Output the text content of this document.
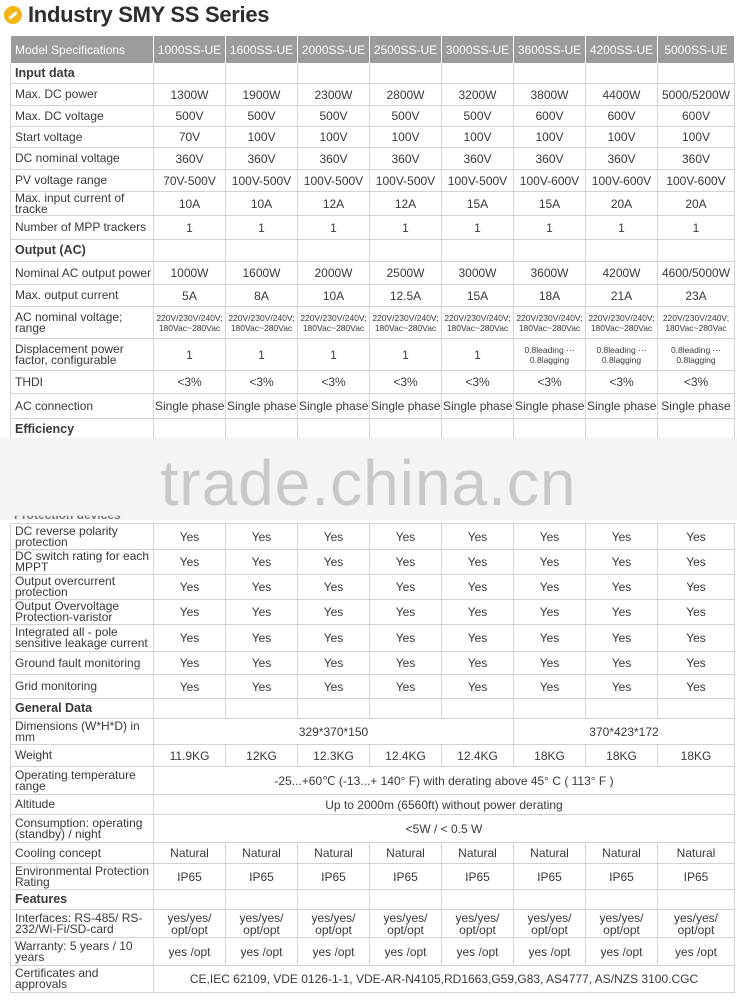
Industry SMY SS Series
Model Specifications	1000SS-UE	1600SS-UE	2000SS-UE	2500SS-UE	3000SS-UE	3600SS-UE	4200SS-UE	5000SS-UE
Input data								
Max. DC power	1300W	1900W	2300W	2800W	3200W	3800W	4400W	5000/5200W
Max. DC voltage	500V	500V	500V	500V	500V	600V	600V	600V
Start voltage	70V	100V	100V	100V	100V	100V	100V	100V
DC nominal voltage	360V	360V	360V	360V	360V	360V	360V	360V
PV voltage range	70V-500V	100V-500V	100V-500V	100V-500V	100V-500V	100V-600V	100V-600V	100V-600V
Max. input current of tracke	10A	10A	12A	12A	15A	15A	20A	20A
Number of MPP trackers	1	1	1	1	1	1	1	1
Output (AC)								
Nominal AC output power	1000W	1600W	2000W	2500W	3000W	3600W	4200W	4600/5000W
Max. output current	5A	8A	10A	12.5A	15A	18A	21A	23A
AC nominal voltage; range	220V/230V/240V; 180Vac~280Vac	220V/230V/240V; 180Vac~280Vac	220V/230V/240V; 180Vac~280Vac	220V/230V/240V; 180Vac~280Vac	220V/230V/240V; 180Vac~280Vac	220V/230V/240V; 180Vac~280Vac	220V/230V/240V; 180Vac~280Vac	220V/230V/240V; 180Vac~280Vac
Displacement power factor, configurable	1	1	1	1	1	0.8leading ⋯0.8lagging	0.8leading ⋯0.8lagging	0.8leading ⋯0.8lagging
THDI	<3%	<3%	<3%	<3%	<3%	<3%	<3%	<3%
AC connection	Single phase	Single phase	Single phase	Single phase	Single phase	Single phase	Single phase	Single phase
Efficiency								
trade.china.cn
DC reverse polarity protection	Yes	Yes	Yes	Yes	Yes	Yes	Yes	Yes
DC switch rating for each MPPT	Yes	Yes	Yes	Yes	Yes	Yes	Yes	Yes
Output overcurrent protection	Yes	Yes	Yes	Yes	Yes	Yes	Yes	Yes
Output Overvoltage Protection-varistor	Yes	Yes	Yes	Yes	Yes	Yes	Yes	Yes
Integrated all - pole sensitive leakage current	Yes	Yes	Yes	Yes	Yes	Yes	Yes	Yes
Ground fault monitoring	Yes	Yes	Yes	Yes	Yes	Yes	Yes	Yes
Grid monitoring	Yes	Yes	Yes	Yes	Yes	Yes	Yes	Yes
General Data								
Dimensions (W*H*D) in mm	329*370*150					370*423*172		
Weight	11.9KG	12KG	12.3KG	12.4KG	12.4KG	18KG	18KG	18KG
Operating temperature range	-25...+60℃ (-13...+ 140° F) with derating above 45° C ( 113° F )							
Altitude	Up to 2000m (6560ft) without power derating							
Consumption: operating (standby) / night	<5W / < 0.5 W							
Cooling concept	Natural	Natural	Natural	Natural	Natural	Natural	Natural	Natural
Environmental Protection Rating	IP65	IP65	IP65	IP65	IP65	IP65	IP65	IP65
Features								
Interfaces: RS-485/ RS-232/Wi-Fi/SD-card	yes/yes/ opt/opt	yes/yes/ opt/opt	yes/yes/ opt/opt	yes/yes/ opt/opt	yes/yes/ opt/opt	yes/yes/ opt/opt	yes/yes/ opt/opt	yes/yes/ opt/opt
Warranty: 5 years / 10 years	yes /opt	yes /opt	yes /opt	yes /opt	yes /opt	yes /opt	yes /opt	yes /opt
Certificates and approvals	CE,IEC 62109, VDE 0126-1-1, VDE-AR-N4105,RD1663,G59,G83, AS4777, AS/NZS 3100.CGC							
